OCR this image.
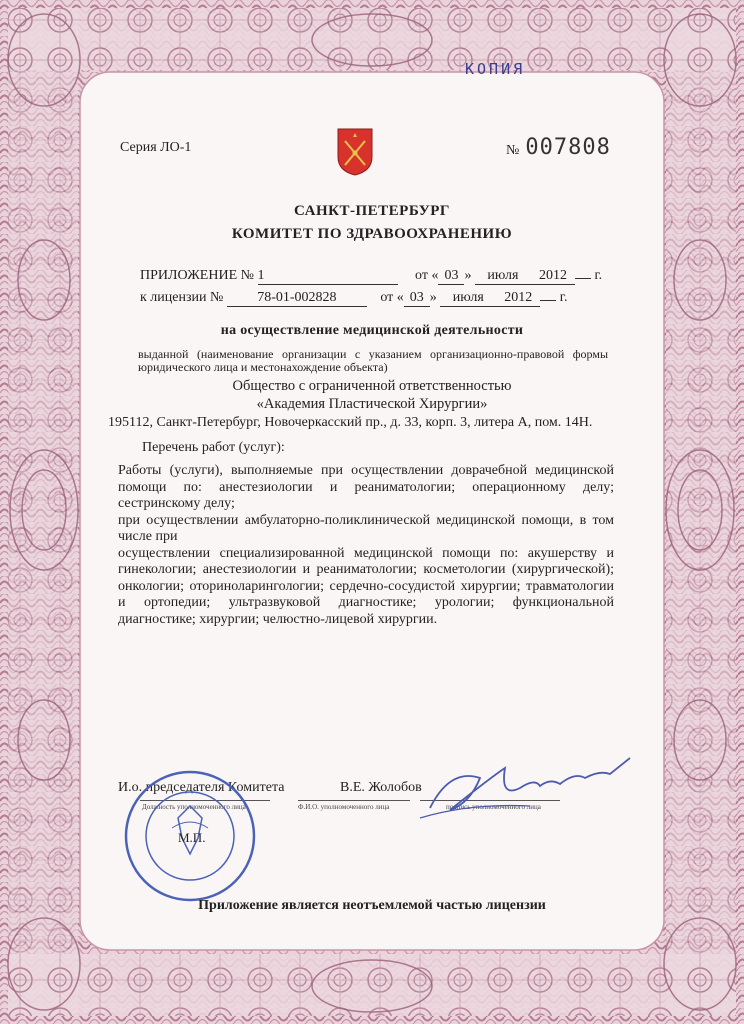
КОПИЯ
Серия ЛО-1	№ 007808
САНКТ-ПЕТЕРБУРГ
КОМИТЕТ ПО ЗДРАВООХРАНЕНИЮ
ПРИЛОЖЕНИЕ № 1	от « 03 » июля 2012 г.
к лицензии № 78-01-002828	от « 03 » июля 2012 г.
на осуществление медицинской деятельности
выданной (наименование организации с указанием организационно-правовой формы юридического лица и местонахождение объекта)
Общество с ограниченной ответственностью
«Академия Пластической Хирургии»
195112, Санкт-Петербург, Новочеркасский пр., д. 33, корп. 3, литера А, пом. 14Н.
Перечень работ (услуг):

Работы (услуги), выполняемые при осуществлении доврачебной медицинской помощи по: анестезиологии и реаниматологии; операционному делу; сестринскому делу;

при осуществлении амбулаторно-поликлинической медицинской помощи, в том числе при

осуществлении специализированной медицинской помощи по: акушерству и гинекологии; анестезиологии и реаниматологии; косметологии (хирургической); онкологии; оториноларингологии; сердечно-сосудистой хирургии; травматологии и ортопедии; ультразвуковой диагностике; урологии; функциональной диагностике; хирургии; челюстно-лицевой хирургии.

И.о. председателя Комитета	В.Е. Жолобов
Должность уполномоченного лица	Ф.И.О. уполномоченного лица	подпись уполномоченного лица
М.П.
Приложение является неотъемлемой частью лицензии
